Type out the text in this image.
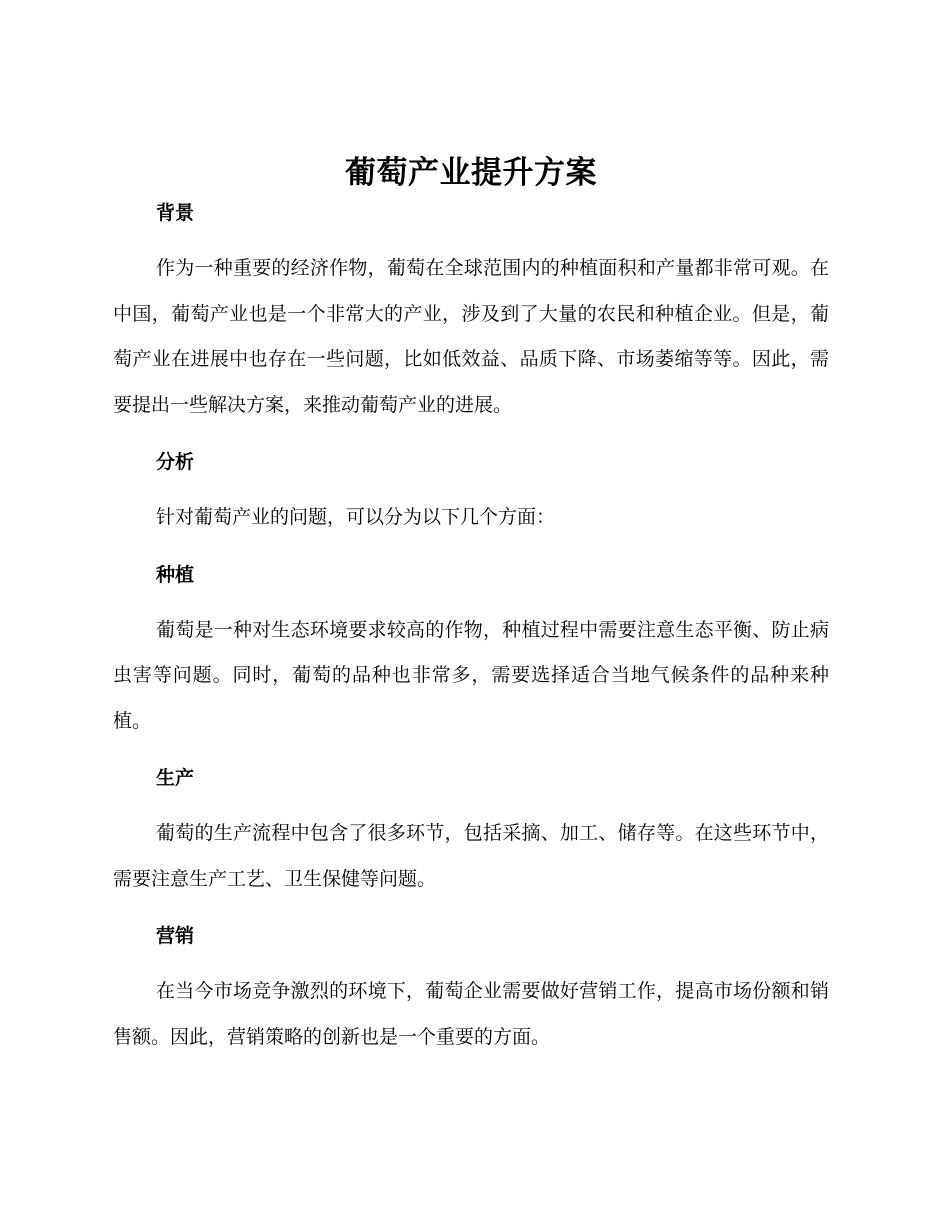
葡萄产业提升方案
背景

作为一种重要的经济作物，葡萄在全球范围内的种植面积和产量都非常可观。在中国，葡萄产业也是一个非常大的产业，涉及到了大量的农民和种植企业。但是，葡萄产业在进展中也存在一些问题，比如低效益、品质下降、市场萎缩等等。因此，需要提出一些解决方案，来推动葡萄产业的进展。

分析

针对葡萄产业的问题，可以分为以下几个方面：

种植

葡萄是一种对生态环境要求较高的作物，种植过程中需要注意生态平衡、防止病虫害等问题。同时，葡萄的品种也非常多，需要选择适合当地气候条件的品种来种植。

生产

葡萄的生产流程中包含了很多环节，包括采摘、加工、储存等。在这些环节中，需要注意生产工艺、卫生保健等问题。

营销

在当今市场竞争激烈的环境下，葡萄企业需要做好营销工作，提高市场份额和销售额。因此，营销策略的创新也是一个重要的方面。
